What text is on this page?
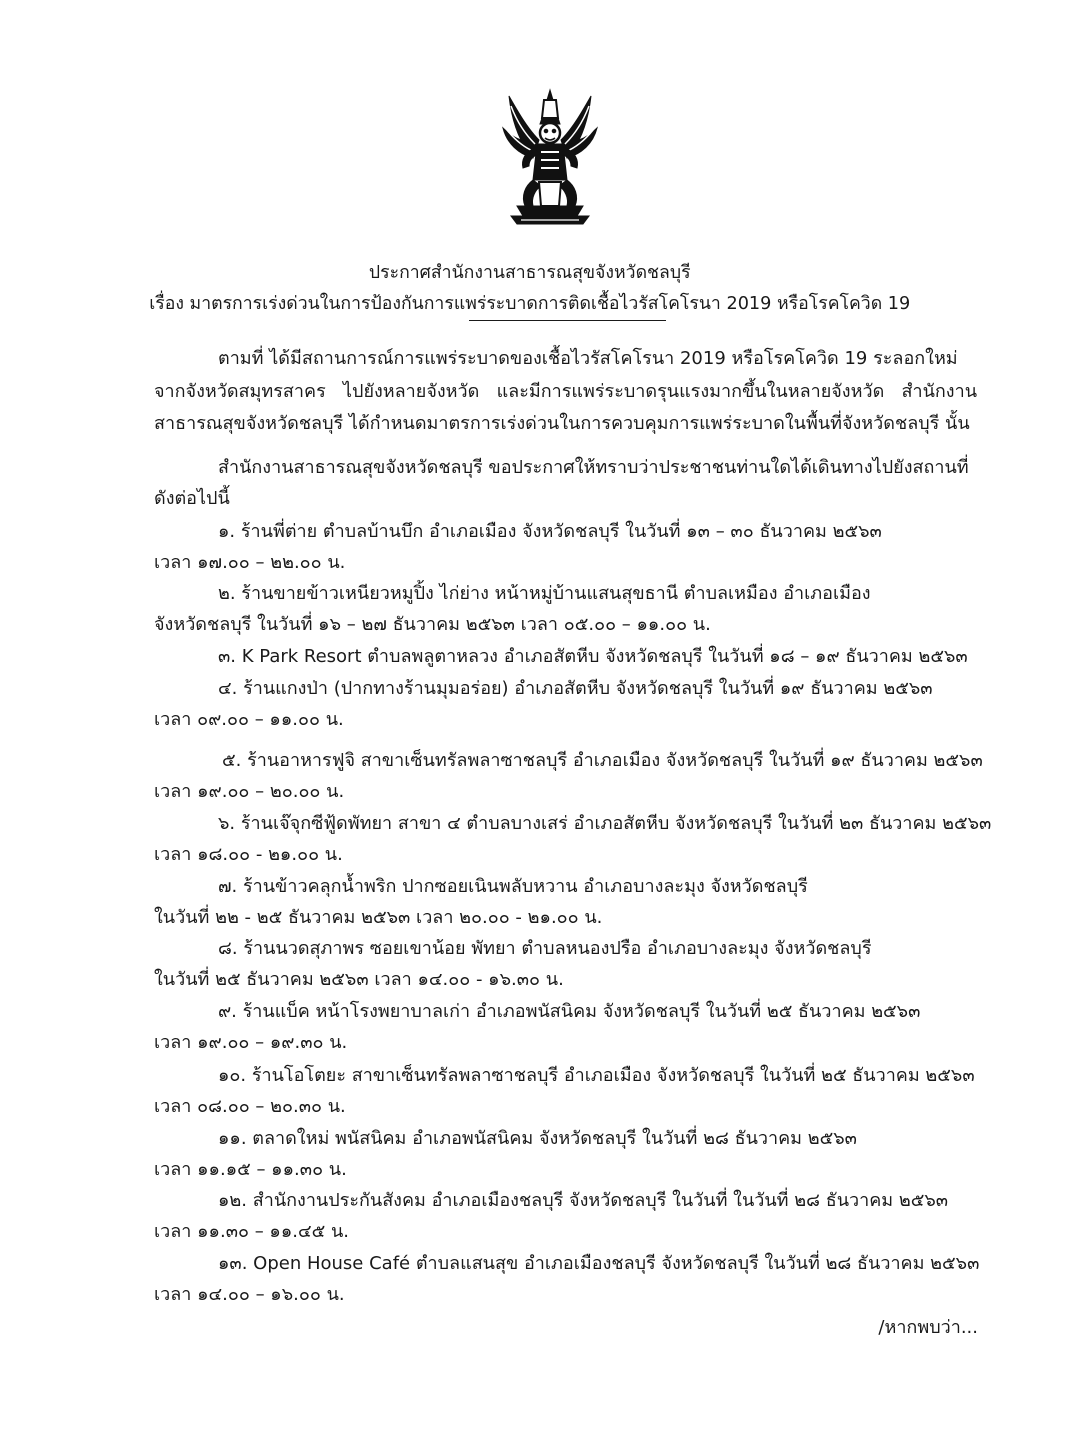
ประกาศสำนักงานสาธารณสุขจังหวัดชลบุรี
เรื่อง มาตรการเร่งด่วนในการป้องกันการแพร่ระบาดการติดเชื้อไวรัสโคโรนา 2019 หรือโรคโควิด 19
ตามที่ ได้มีสถานการณ์การแพร่ระบาดของเชื้อไวรัสโคโรนา 2019 หรือโรคโควิด 19 ระลอกใหม่
จากจังหวัดสมุทรสาคร ไปยังหลายจังหวัด และมีการแพร่ระบาดรุนแรงมากขึ้นในหลายจังหวัด สำนักงาน
สาธารณสุขจังหวัดชลบุรี ได้กำหนดมาตรการเร่งด่วนในการควบคุมการแพร่ระบาดในพื้นที่จังหวัดชลบุรี นั้น
สำนักงานสาธารณสุขจังหวัดชลบุรี ขอประกาศให้ทราบว่าประชาชนท่านใดได้เดินทางไปยังสถานที่
ดังต่อไปนี้
๑. ร้านพี่ต่าย ตำบลบ้านบึก อำเภอเมือง จังหวัดชลบุรี ในวันที่ ๑๓ – ๓๐ ธันวาคม ๒๕๖๓
เวลา ๑๗.๐๐ – ๒๒.๐๐ น.
๒. ร้านขายข้าวเหนียวหมูปิ้ง ไก่ย่าง หน้าหมู่บ้านแสนสุขธานี ตำบลเหมือง อำเภอเมือง
จังหวัดชลบุรี ในวันที่ ๑๖ – ๒๗ ธันวาคม ๒๕๖๓ เวลา ๐๕.๐๐ – ๑๑.๐๐ น.
๓. K Park Resort ตำบลพลูตาหลวง อำเภอสัตหีบ จังหวัดชลบุรี ในวันที่ ๑๘ – ๑๙ ธันวาคม ๒๕๖๓
๔. ร้านแกงป่า (ปากทางร้านมุมอร่อย) อำเภอสัตหีบ จังหวัดชลบุรี ในวันที่ ๑๙ ธันวาคม ๒๕๖๓
เวลา ๐๙.๐๐ – ๑๑.๐๐ น.
๕. ร้านอาหารฟูจิ สาขาเซ็นทรัลพลาซาชลบุรี อำเภอเมือง จังหวัดชลบุรี ในวันที่ ๑๙ ธันวาคม ๒๕๖๓
เวลา ๑๙.๐๐ – ๒๐.๐๐ น.
๖. ร้านเจ๊จุกซีฟู้ดพัทยา สาขา ๔ ตำบลบางเสร่ อำเภอสัตหีบ จังหวัดชลบุรี ในวันที่ ๒๓ ธันวาคม ๒๕๖๓
เวลา ๑๘.๐๐ - ๒๑.๐๐ น.
๗. ร้านข้าวคลุกน้ำพริก ปากซอยเนินพลับหวาน อำเภอบางละมุง จังหวัดชลบุรี
ในวันที่ ๒๒ - ๒๕ ธันวาคม ๒๕๖๓ เวลา ๒๐.๐๐ - ๒๑.๐๐ น.
๘. ร้านนวดสุภาพร ซอยเขาน้อย พัทยา ตำบลหนองปรือ อำเภอบางละมุง จังหวัดชลบุรี
ในวันที่ ๒๕ ธันวาคม ๒๕๖๓ เวลา ๑๔.๐๐ - ๑๖.๓๐ น.
๙. ร้านแบ็ค หน้าโรงพยาบาลเก่า อำเภอพนัสนิคม จังหวัดชลบุรี ในวันที่ ๒๕ ธันวาคม ๒๕๖๓
เวลา ๑๙.๐๐ – ๑๙.๓๐ น.
๑๐. ร้านโอโตยะ สาขาเซ็นทรัลพลาซาชลบุรี อำเภอเมือง จังหวัดชลบุรี ในวันที่ ๒๕ ธันวาคม ๒๕๖๓
เวลา ๐๘.๐๐ – ๒๐.๓๐ น.
๑๑. ตลาดใหม่ พนัสนิคม อำเภอพนัสนิคม จังหวัดชลบุรี ในวันที่ ๒๘ ธันวาคม ๒๕๖๓
เวลา ๑๑.๑๕ – ๑๑.๓๐ น.
๑๒. สำนักงานประกันสังคม อำเภอเมืองชลบุรี จังหวัดชลบุรี ในวันที่ ในวันที่ ๒๘ ธันวาคม ๒๕๖๓
เวลา ๑๑.๓๐ – ๑๑.๔๕ น.
๑๓. Open House Café ตำบลแสนสุข อำเภอเมืองชลบุรี จังหวัดชลบุรี ในวันที่ ๒๘ ธันวาคม ๒๕๖๓
เวลา ๑๔.๐๐ – ๑๖.๐๐ น.
/หากพบว่า...
